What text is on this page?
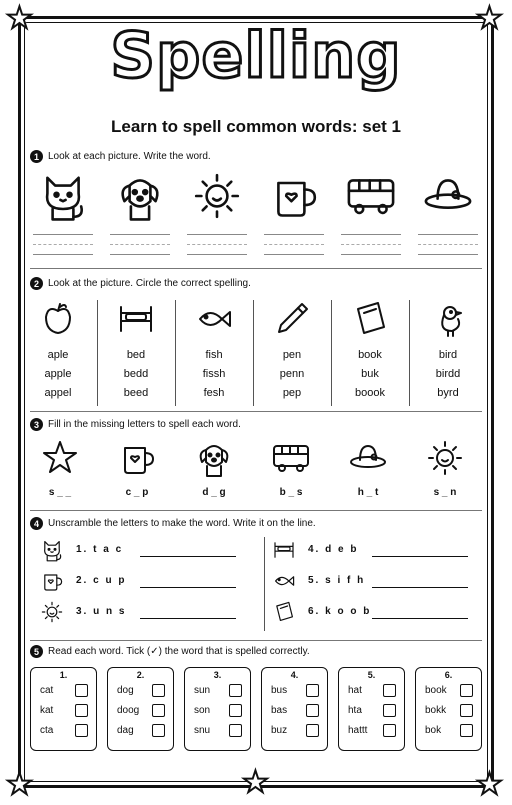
★	★
★	★
★
Spelling
Learn to spell common words: set 1
1 Look at each picture. Write the word.
2 Look at the picture. Circle the correct spelling.
aple
apple
appel
bed
bedd
beed
fish
fissh
fesh
pen
penn
pep
book
buk
boook
bird
birdd
byrd
3 Fill in the missing letters to spell each word.
s _ _	c _ p	d _ g	b _ s	h _ t	s _ n
4 Unscramble the letters to make the word. Write it on the line.
1. t a c
2. c u p
3. u n s
4. d e b
5. s i f h
6. k o o b
5 Read each word. Tick (✓) the word that is spelled correctly.
1.
cat
kat
cta
2.
dog
doog
dag
3.
sun
son
snu
4.
bus
bas
buz
5.
hat
hta
hattt
6.
book
bokk
bok
